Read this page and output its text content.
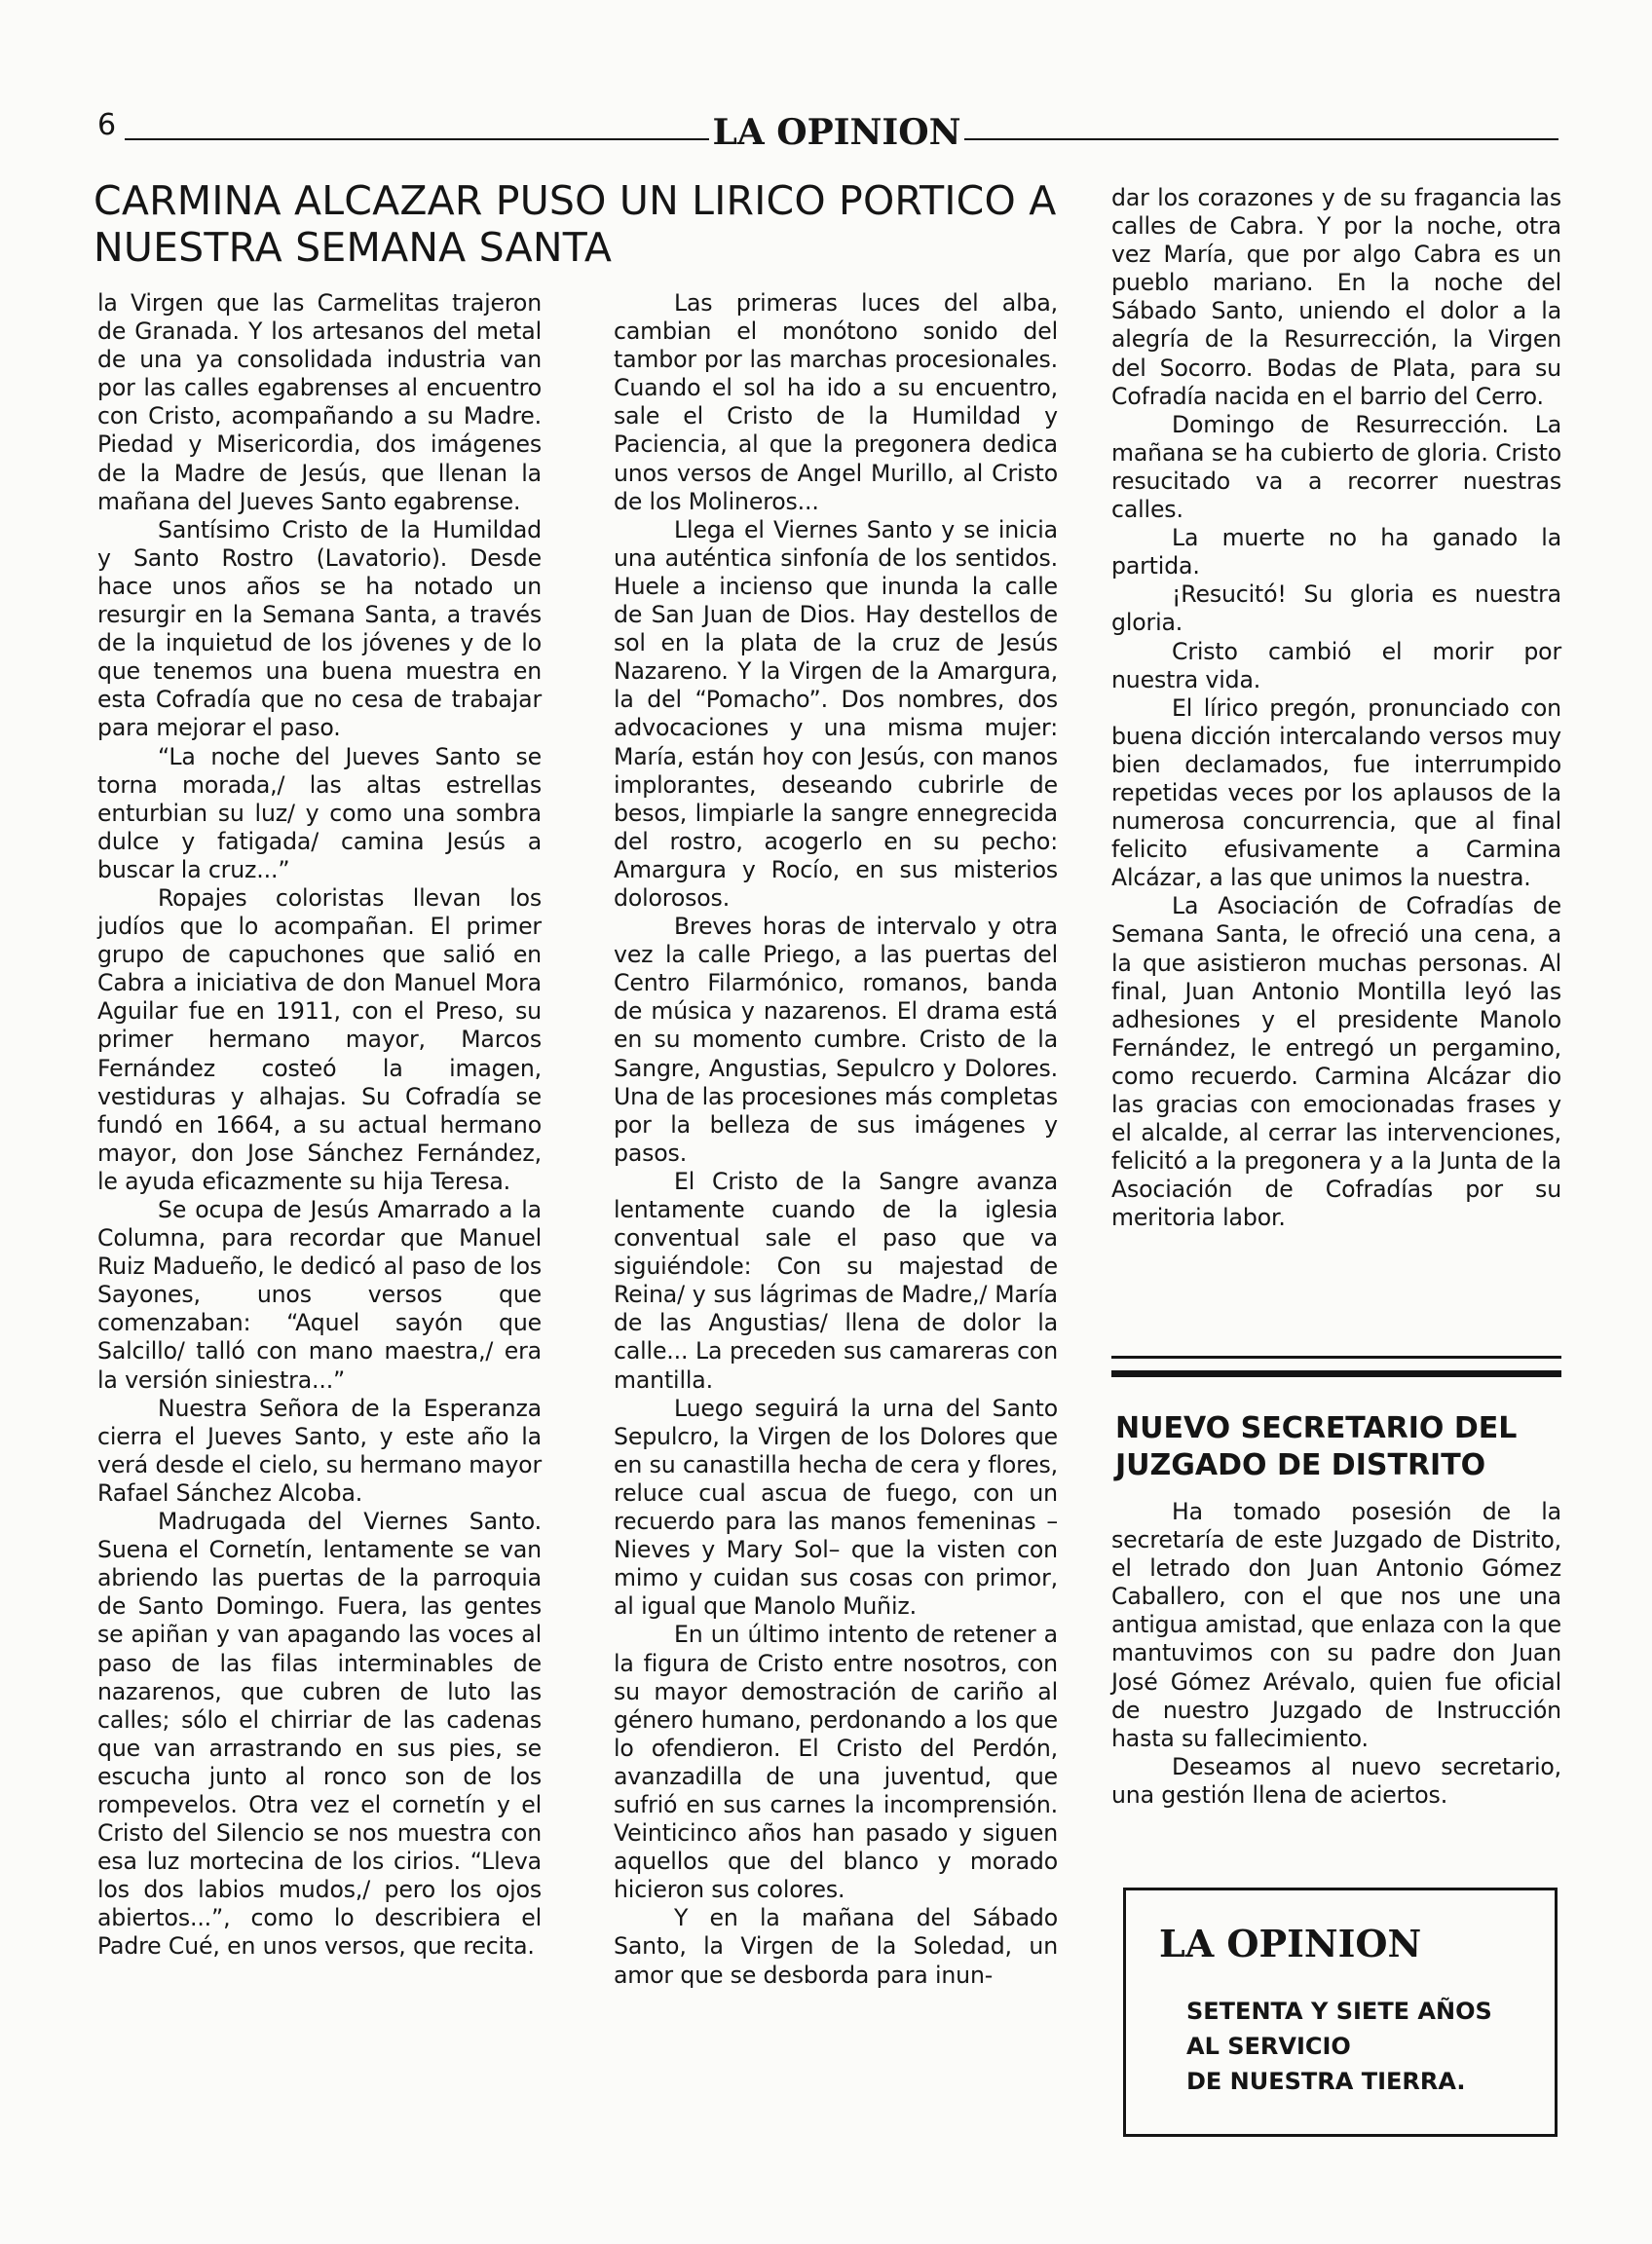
6	LA OPINION
CARMINA ALCAZAR PUSO UN LIRICO PORTICO A NUESTRA SEMANA SANTA

la Virgen que las Carmelitas trajeron de Granada. Y los artesanos del metal de una ya consolidada industria van por las calles egabrenses al encuentro con Cristo, acompañando a su Madre. Piedad y Misericordia, dos imágenes de la Madre de Jesús, que llenan la mañana del Jueves Santo egabrense.

Santísimo Cristo de la Humildad y Santo Rostro (Lavatorio). Desde hace unos años se ha notado un resurgir en la Semana Santa, a través de la inquietud de los jóvenes y de lo que tenemos una buena muestra en esta Cofradía que no cesa de trabajar para mejorar el paso.

“La noche del Jueves Santo se torna morada,/ las altas estrellas enturbian su luz/ y como una sombra dulce y fatigada/ camina Jesús a buscar la cruz...”

Ropajes coloristas llevan los judíos que lo acompañan. El primer grupo de capuchones que salió en Cabra a iniciativa de don Manuel Mora Aguilar fue en 1911, con el Preso, su primer hermano mayor, Marcos Fernández costeó la imagen, vestiduras y alhajas. Su Cofradía se fundó en 1664, a su actual hermano mayor, don Jose Sánchez Fernández, le ayuda eficazmente su hija Teresa.

Se ocupa de Jesús Amarrado a la Columna, para recordar que Manuel Ruiz Madueño, le dedicó al paso de los Sayones, unos versos que comenzaban: “Aquel sayón que Salcillo/ talló con mano maestra,/ era la versión siniestra...”

Nuestra Señora de la Esperanza cierra el Jueves Santo, y este año la verá desde el cielo, su hermano mayor Rafael Sánchez Alcoba.

Madrugada del Viernes Santo. Suena el Cornetín, lentamente se van abriendo las puertas de la parroquia de Santo Domingo. Fuera, las gentes se apiñan y van apagando las voces al paso de las filas interminables de nazarenos, que cubren de luto las calles; sólo el chirriar de las cadenas que van arrastrando en sus pies, se escucha junto al ronco son de los rompevelos. Otra vez el cornetín y el Cristo del Silencio se nos muestra con esa luz mortecina de los cirios. “Lleva los dos labios mudos,/ pero los ojos abiertos...”, como lo describiera el Padre Cué, en unos versos, que recita.

Las primeras luces del alba, cambian el monótono sonido del tambor por las marchas procesionales. Cuando el sol ha ido a su encuentro, sale el Cristo de la Humildad y Paciencia, al que la pregonera dedica unos versos de Angel Murillo, al Cristo de los Molineros...

Llega el Viernes Santo y se inicia una auténtica sinfonía de los sentidos. Huele a incienso que inunda la calle de San Juan de Dios. Hay destellos de sol en la plata de la cruz de Jesús Nazareno. Y la Virgen de la Amargura, la del “Pomacho”. Dos nombres, dos advocaciones y una misma mujer: María, están hoy con Jesús, con manos implorantes, deseando cubrirle de besos, limpiarle la sangre ennegrecida del rostro, acogerlo en su pecho: Amargura y Rocío, en sus misterios dolorosos.

Breves horas de intervalo y otra vez la calle Priego, a las puertas del Centro Filarmónico, romanos, banda de música y nazarenos. El drama está en su momento cumbre. Cristo de la Sangre, Angustias, Sepulcro y Dolores. Una de las procesiones más completas por la belleza de sus imágenes y pasos.

El Cristo de la Sangre avanza lentamente cuando de la iglesia conventual sale el paso que va siguiéndole: Con su majestad de Reina/ y sus lágrimas de Madre,/ María de las Angustias/ llena de dolor la calle... La preceden sus camareras con mantilla.

Luego seguirá la urna del Santo Sepulcro, la Virgen de los Dolores que en su canastilla hecha de cera y flores, reluce cual ascua de fuego, con un recuerdo para las manos femeninas –Nieves y Mary Sol– que la visten con mimo y cuidan sus cosas con primor, al igual que Manolo Muñiz.

En un último intento de retener a la figura de Cristo entre nosotros, con su mayor demostración de cariño al género humano, perdonando a los que lo ofendieron. El Cristo del Perdón, avanzadilla de una juventud, que sufrió en sus carnes la incomprensión. Veinticinco años han pasado y siguen aquellos que del blanco y morado hicieron sus colores.

Y en la mañana del Sábado Santo, la Virgen de la Soledad, un amor que se desborda para inun-

dar los corazones y de su fragancia las calles de Cabra. Y por la noche, otra vez María, que por algo Cabra es un pueblo mariano. En la noche del Sábado Santo, uniendo el dolor a la alegría de la Resurrección, la Virgen del Socorro. Bodas de Plata, para su Cofradía nacida en el barrio del Cerro.

Domingo de Resurrección. La mañana se ha cubierto de gloria. Cristo resucitado va a recorrer nuestras calles.

La muerte no ha ganado la partida.

¡Resucitó! Su gloria es nuestra gloria.

Cristo cambió el morir por nuestra vida.

El lírico pregón, pronunciado con buena dicción intercalando versos muy bien declamados, fue interrumpido repetidas veces por los aplausos de la numerosa concurrencia, que al final felicito efusivamente a Carmina Alcázar, a las que unimos la nuestra.

La Asociación de Cofradías de Semana Santa, le ofreció una cena, a la que asistieron muchas personas. Al final, Juan Antonio Montilla leyó las adhesiones y el presidente Manolo Fernández, le entregó un pergamino, como recuerdo. Carmina Alcázar dio las gracias con emocionadas frases y el alcalde, al cerrar las intervenciones, felicitó a la pregonera y a la Junta de la Asociación de Cofradías por su meritoria labor.

NUEVO SECRETARIO DEL JUZGADO DE DISTRITO

Ha tomado posesión de la secretaría de este Juzgado de Distrito, el letrado don Juan Antonio Gómez Caballero, con el que nos une una antigua amistad, que enlaza con la que mantuvimos con su padre don Juan José Gómez Arévalo, quien fue oficial de nuestro Juzgado de Instrucción hasta su fallecimiento.

Deseamos al nuevo secretario, una gestión llena de aciertos.

LA OPINION
SETENTA Y SIETE AÑOS
AL SERVICIO
DE NUESTRA TIERRA.
